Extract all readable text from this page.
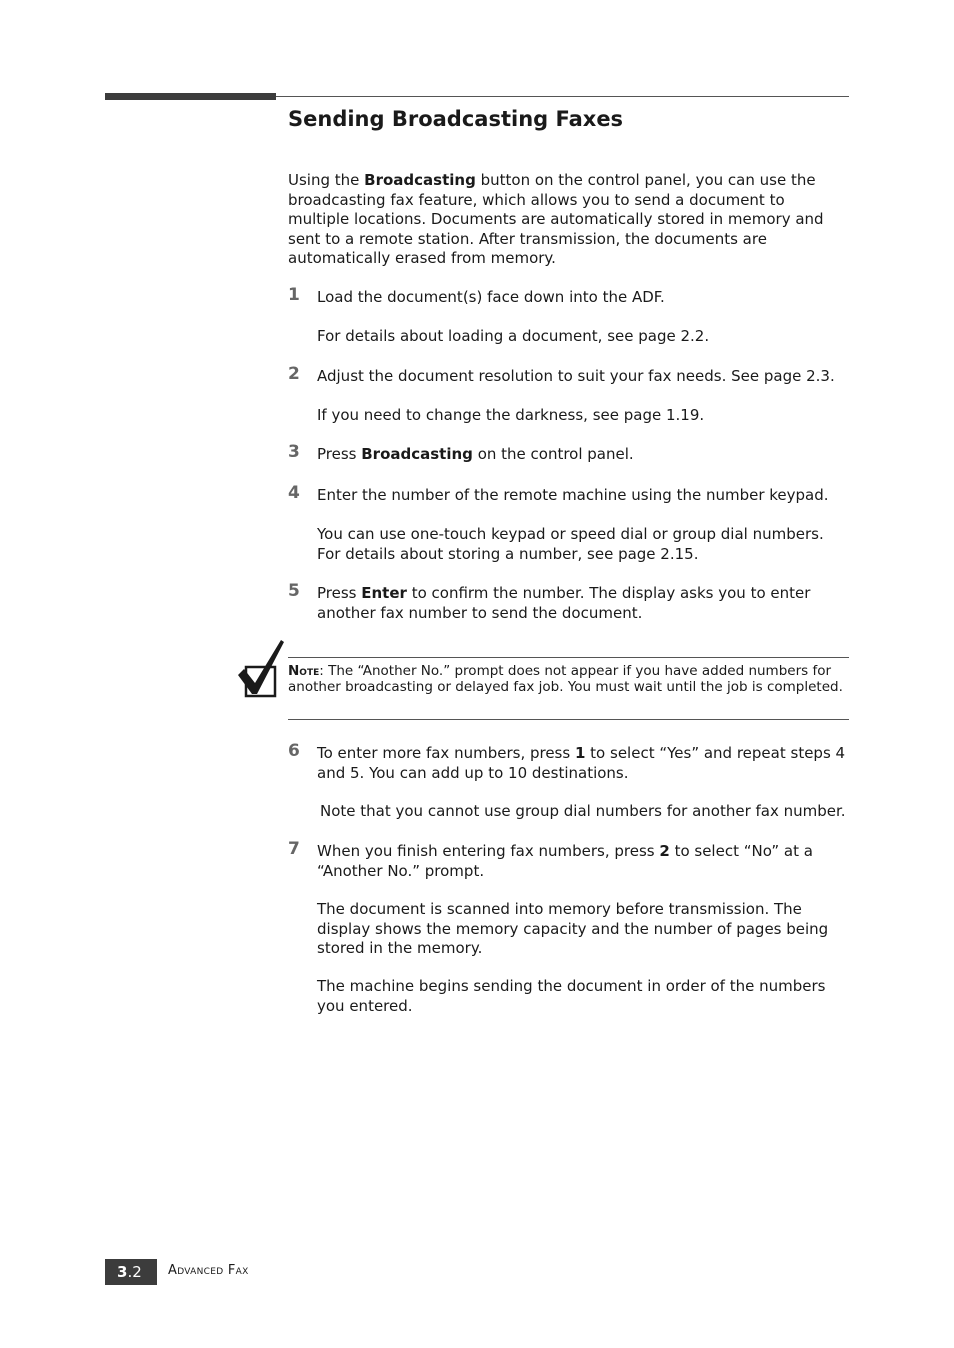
Sending Broadcasting Faxes

Using the Broadcasting button on the control panel, you can use the broadcasting fax feature, which allows you to send a document to multiple locations. Documents are automatically stored in memory and sent to a remote station. After transmission, the documents are automatically erased from memory.

1 Load the document(s) face down into the ADF.

For details about loading a document, see page 2.2.

2 Adjust the document resolution to suit your fax needs. See page 2.3.

If you need to change the darkness, see page 1.19.

3 Press Broadcasting on the control panel.

4 Enter the number of the remote machine using the number keypad.

You can use one-touch keypad or speed dial or group dial numbers. For details about storing a number, see page 2.15.

5 Press Enter to confirm the number. The display asks you to enter another fax number to send the document.

Note: The “Another No.” prompt does not appear if you have added numbers for another broadcasting or delayed fax job. You must wait until the job is completed.

6 To enter more fax numbers, press 1 to select “Yes” and repeat steps 4 and 5. You can add up to 10 destinations.

Note that you cannot use group dial numbers for another fax number.

7 When you finish entering fax numbers, press 2 to select “No” at a “Another No.” prompt.

The document is scanned into memory before transmission. The display shows the memory capacity and the number of pages being stored in the memory.

The machine begins sending the document in order of the numbers you entered.

3.2	Advanced Fax
